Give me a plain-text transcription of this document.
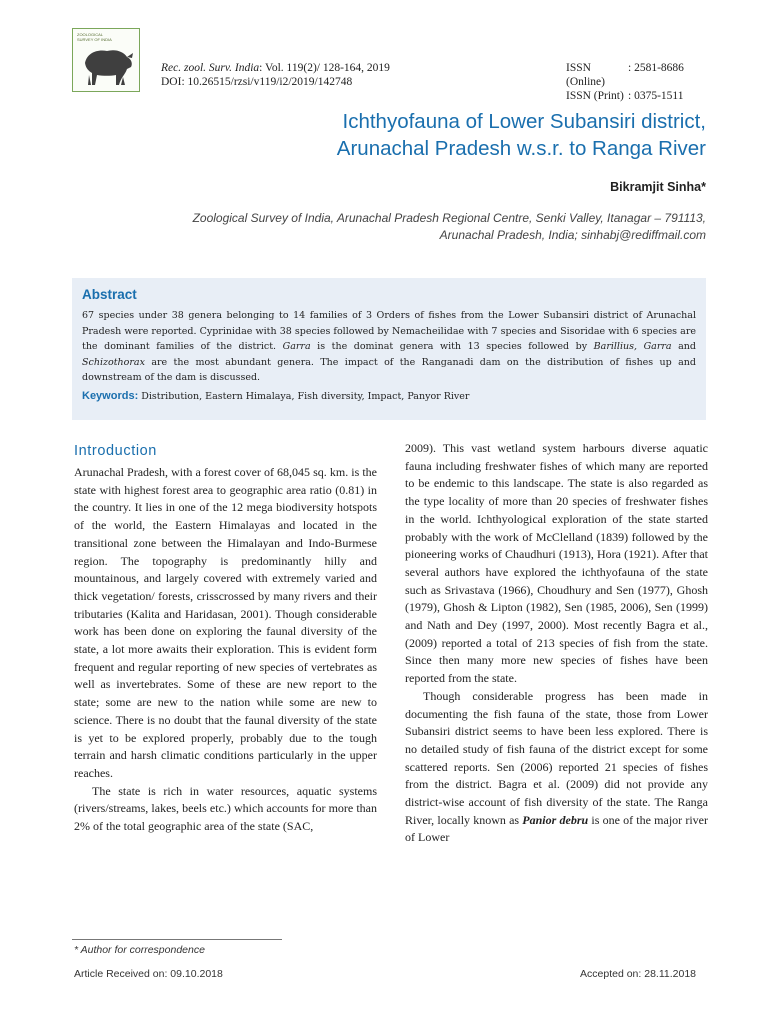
ZOOLOGICAL SURVEY OF INDIA
Rec. zool. Surv. India: Vol. 119(2)/ 128-164, 2019
DOI: 10.26515/rzsi/v119/i2/2019/142748
ISSN (Online)
: 2581-8686
ISSN (Print) : 0375-1511
Ichthyofauna of Lower Subansiri district,
Arunachal Pradesh w.s.r. to Ranga River
Bikramjit Sinha*
Zoological Survey of India, Arunachal Pradesh Regional Centre, Senki Valley, Itanagar – 791113,
Arunachal Pradesh, India; sinhabj@rediffmail.com
Abstract
67 species under 38 genera belonging to 14 families of 3 Orders of fishes from the Lower Subansiri district of Arunachal Pradesh were reported. Cyprinidae with 38 species followed by Nemacheilidae with 7 species and Sisoridae with 6 species are the dominant families of the district. Garra is the dominat genera with 13 species followed by Barillius, Garra and Schizothorax are the most abundant genera. The impact of the Ranganadi dam on the distribution of fishes up and downstream of the dam is discussed.
Keywords: Distribution, Eastern Himalaya, Fish diversity, Impact, Panyor River
Introduction

Arunachal Pradesh, with a forest cover of 68,045 sq. km. is the state with highest forest area to geographic area ratio (0.81) in the country. It lies in one of the 12 mega biodiversity hotspots of the world, the Eastern Himalayas and located in the transitional zone between the Himalayan and Indo-Burmese region. The topography is predominantly hilly and mountainous, and largely covered with extremely varied and thick vegetation/ forests, crisscrossed by many rivers and their tributaries (Kalita and Haridasan, 2001). Though considerable work has been done on exploring the faunal diversity of the state, a lot more awaits their exploration. This is evident form frequent and regular reporting of new species of vertebrates as well as invertebrates. Some of these are new report to the state; some are new to the nation while some are new to science. There is no doubt that the faunal diversity of the state is yet to be explored properly, probably due to the tough terrain and harsh climatic conditions particularly in the upper reaches.

The state is rich in water resources, aquatic systems (rivers/streams, lakes, beels etc.) which accounts for more than 2% of the total geographic area of the state (SAC,

2009). This vast wetland system harbours diverse aquatic fauna including freshwater fishes of which many are reported to be endemic to this landscape. The state is also regarded as the type locality of more than 20 species of freshwater fishes in the world. Ichthyological exploration of the state started probably with the work of McClelland (1839) followed by the pioneering works of Chaudhuri (1913), Hora (1921). After that several authors have explored the ichthyofauna of the state such as Srivastava (1966), Choudhury and Sen (1977), Ghosh (1979), Ghosh & Lipton (1982), Sen (1985, 2006), Sen (1999) and Nath and Dey (1997, 2000). Most recently Bagra et al., (2009) reported a total of 213 species of fish from the state. Since then many more new species of fishes have been reported from the state.

Though considerable progress has been made in documenting the fish fauna of the state, those from Lower Subansiri district seems to have been less explored. There is no detailed study of fish fauna of the district except for some scattered reports. Sen (2006) reported 21 species of fishes from the district. Bagra et al. (2009) did not provide any district-wise account of fish diversity of the state. The Ranga River, locally known as Panior debru is one of the major river of Lower

* Author for correspondence
Article Received on: 09.10.2018	Accepted on: 28.11.2018
